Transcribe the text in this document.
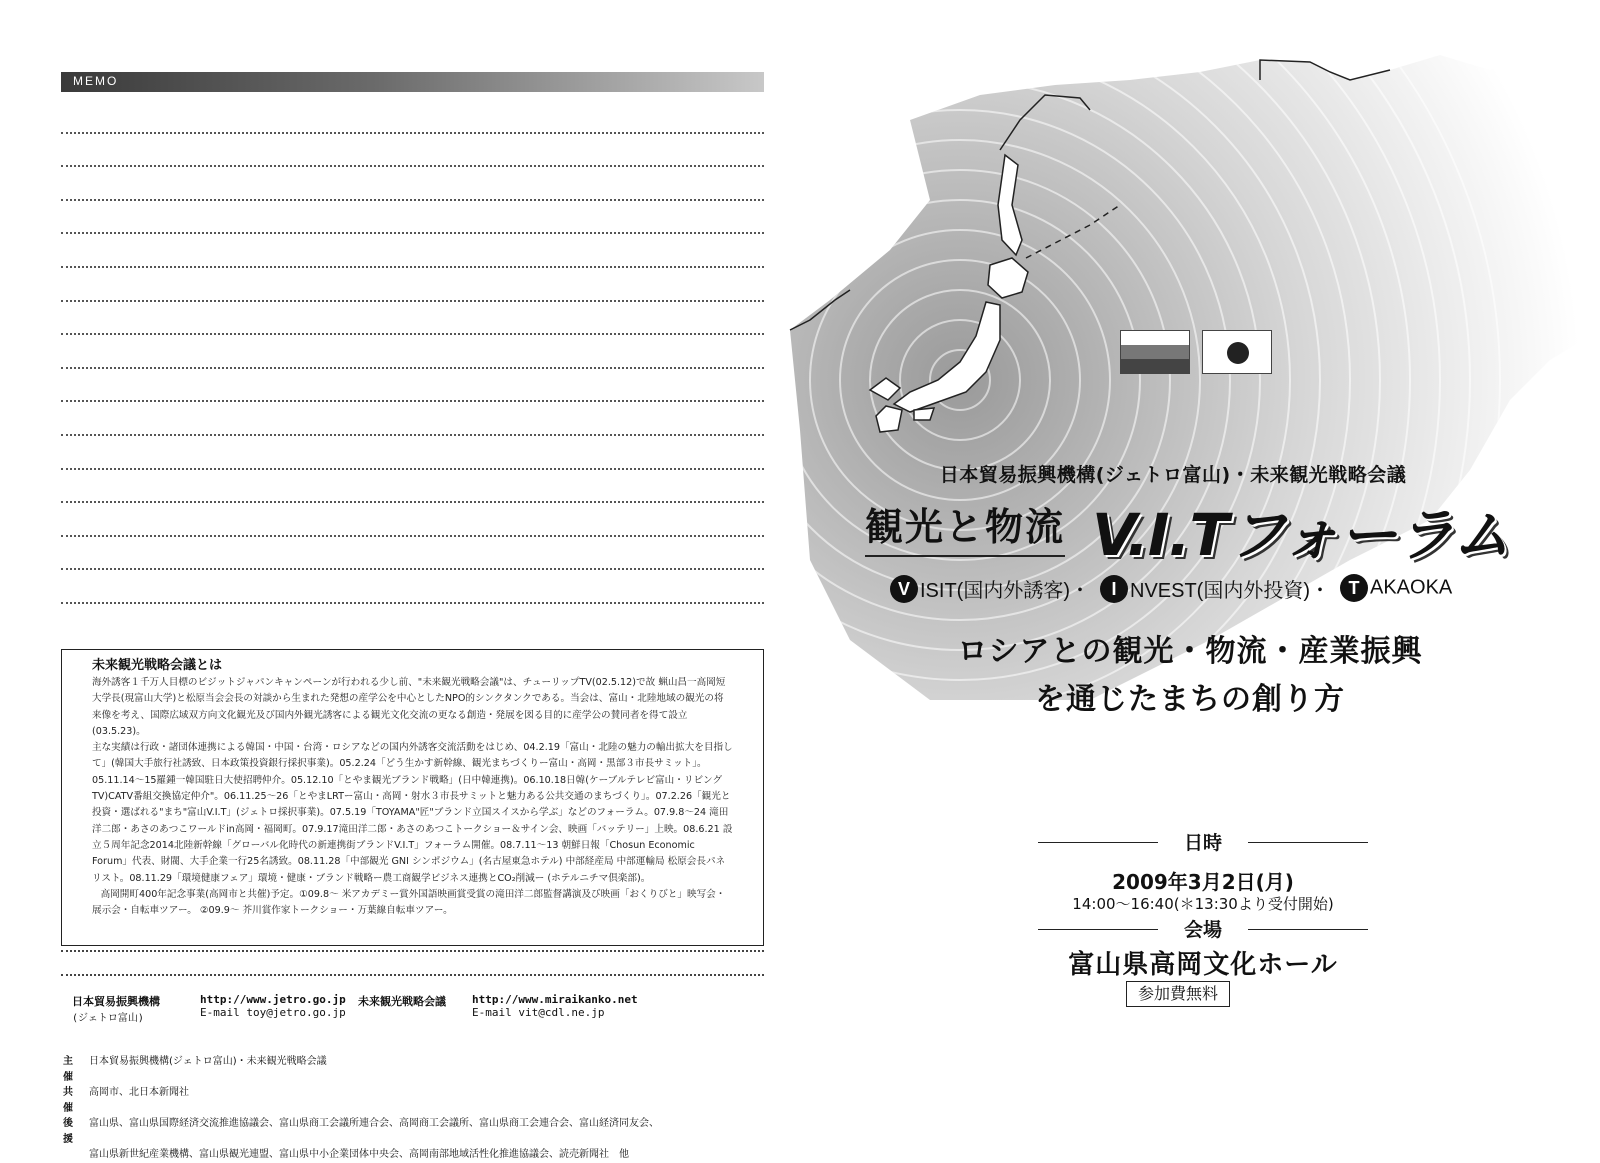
MEMO
未来観光戦略会議とは

海外誘客１千万人目標のビジットジャパンキャンペーンが行われる少し前、"未来観光戦略会議"は、チューリップTV(02.5.12)で故 蝋山昌一高岡短大学長(現富山大学)と松原当会会長の対談から生まれた発想の産学公を中心としたNPO的シンクタンクである。当会は、富山・北陸地域の観光の将来像を考え、国際広域双方向文化観光及び国内外観光誘客による観光文化交流の更なる創造・発展を図る目的に産学公の賛同者を得て設立(03.5.23)。

主な実績は行政・諸団体連携による韓国・中国・台湾・ロシアなどの国内外誘客交流活動をはじめ、04.2.19「富山・北陸の魅力の輸出拡大を目指して」(韓国大手旅行社誘致、日本政策投資銀行採択事業)。05.2.24「どう生かす新幹線、観光まちづくりー富山・高岡・黒部３市長サミット」。05.11.14～15羅鍾一韓国駐日大使招聘仲介。05.12.10「とやま観光ブランド戦略」(日中韓連携)。06.10.18日韓(ケーブルテレビ富山・リビングTV)CATV番組交換協定仲介"。06.11.25～26「とやまLRTー富山・高岡・射水３市長サミットと魅力ある公共交通のまちづくり」。07.2.26「観光と投資・選ばれる"まち"富山V.I.T」(ジェトロ採択事業)。07.5.19「TOYAMA"匠"ブランド立国スイスから学ぶ」などのフォーラム。07.9.8～24 滝田洋二郎・あさのあつこワールドin高岡・福岡町。07.9.17滝田洋二郎・あさのあつこトークショー＆サイン会、映画「バッテリー」上映。08.6.21 設立５周年記念2014北陸新幹線「グローバル化時代の新連携街ブランドV.I.T」フォーラム開催。08.7.11～13 朝鮮日報「Chosun Economic Forum」代表、財閥、大手企業一行25名誘致。08.11.28「中部観光 GNI シンポジウム」(名古屋東急ホテル) 中部経産局 中部運輸局 松原会長パネリスト。08.11.29「環境健康フェア」環境・健康・ブランド戦略ー農工商観学ビジネス連携とCO₂削減ー (ホテルニチマ倶楽部)。

高岡開町400年記念事業(高岡市と共催)予定。①09.8～ 米アカデミー賞外国語映画賞受賞の滝田洋二郎監督講演及び映画「おくりびと」映写会・展示会・自転車ツアー。 ②09.9～ 芥川賞作家トークショー・万葉線自転車ツアー。

日本貿易振興機構
(ジェトロ富山)
http://www.jetro.go.jp
E-mail toy@jetro.go.jp
未来観光戦略会議 http://www.miraikanko.net
E-mail vit@cdl.ne.jp
主催
日本貿易振興機構(ジェトロ富山)・未来観光戦略会議
共催
高岡市、北日本新聞社
後援
富山県、富山県国際経済交流推進協議会、富山県商工会議所連合会、高岡商工会議所、富山県商工会連合会、富山経済同友会、
富山県新世紀産業機構、富山県観光連盟、富山県中小企業団体中央会、高岡南部地域活性化推進協議会、読売新聞社　他
日本貿易振興機構(ジェトロ富山)・未来観光戦略会議
観光と物流 V.I.Tフォーラム
V ISIT(国内外誘客)・	I NVEST(国内外投資)・	T AKAOKA
ロシアとの観光・物流・産業振興
を通じたまちの創り方
日時
2009年3月2日(月)
14:00～16:40(＊13:30より受付開始)
会場
富山県高岡文化ホール
参加費無料
